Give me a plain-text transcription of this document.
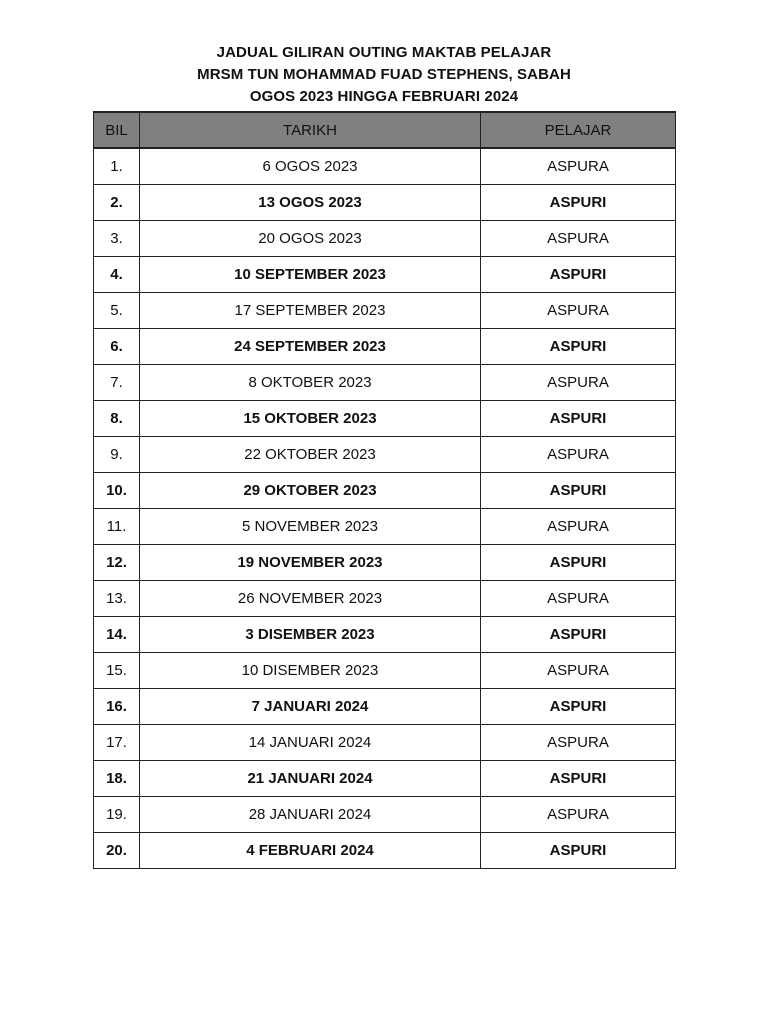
JADUAL GILIRAN OUTING MAKTAB PELAJAR
MRSM TUN MOHAMMAD FUAD STEPHENS, SABAH
OGOS 2023 HINGGA FEBRUARI 2024
BIL	TARIKH	PELAJAR
1.	6 OGOS 2023	ASPURA
2.	13 OGOS 2023	ASPURI
3.	20 OGOS 2023	ASPURA
4.	10 SEPTEMBER 2023	ASPURI
5.	17 SEPTEMBER 2023	ASPURA
6.	24 SEPTEMBER 2023	ASPURI
7.	8 OKTOBER 2023	ASPURA
8.	15 OKTOBER 2023	ASPURI
9.	22 OKTOBER 2023	ASPURA
10.	29 OKTOBER 2023	ASPURI
11.	5 NOVEMBER 2023	ASPURA
12.	19 NOVEMBER 2023	ASPURI
13.	26 NOVEMBER 2023	ASPURA
14.	3 DISEMBER 2023	ASPURI
15.	10 DISEMBER 2023	ASPURA
16.	7 JANUARI 2024	ASPURI
17.	14 JANUARI 2024	ASPURA
18.	21 JANUARI 2024	ASPURI
19.	28 JANUARI 2024	ASPURA
20.	4 FEBRUARI 2024	ASPURI
